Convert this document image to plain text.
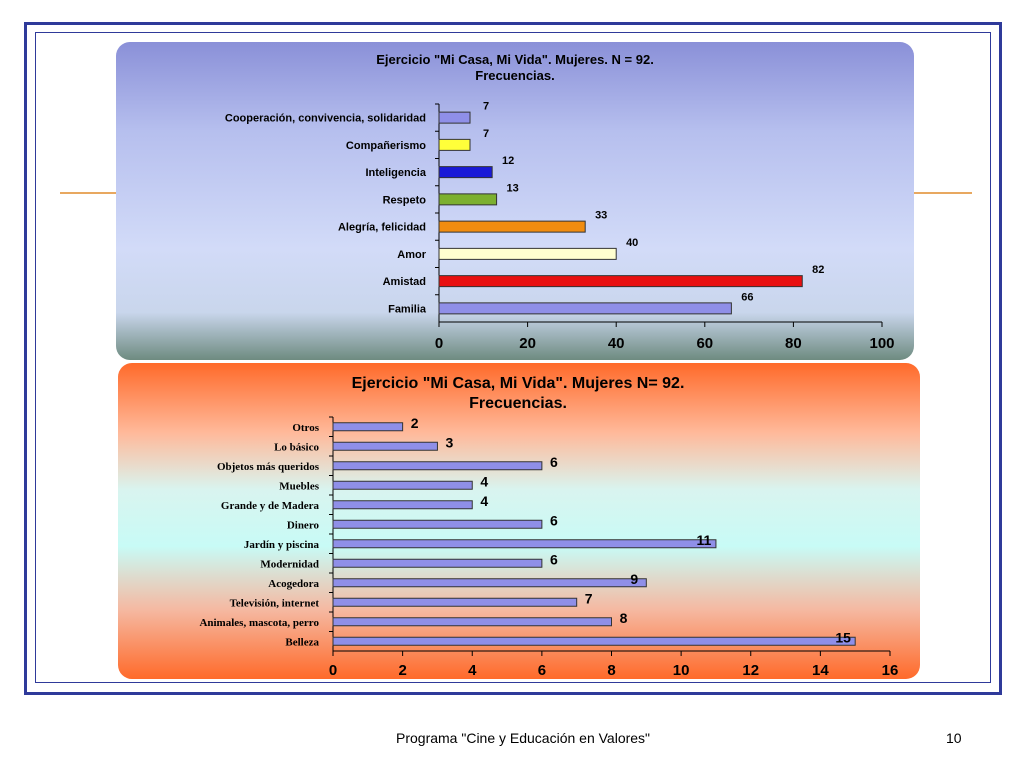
Ejercicio "Mi Casa, Mi Vida". Mujeres. N = 92.
Frecuencias.
Cooperación, convivencia, solidaridad
7
Compañerismo
7
Inteligencia
12
Respeto
13
Alegría, felicidad
33
Amor
40
Amistad
82
Familia
66
0	20	40	60	80	100
Ejercicio "Mi Casa, Mi Vida". Mujeres N= 92.
Frecuencias.
Otros	2
Lo básico	3
Objetos más queridos	6
Muebles	4
Grande y de Madera	4
Dinero	6
Jardín y piscina	11
Modernidad	6
Acogedora	9
Televisión, internet	7
Animales, mascota, perro	8
Belleza	15
0	2	4	6	8	10	12	14	16
Programa "Cine y Educación en Valores"	10
